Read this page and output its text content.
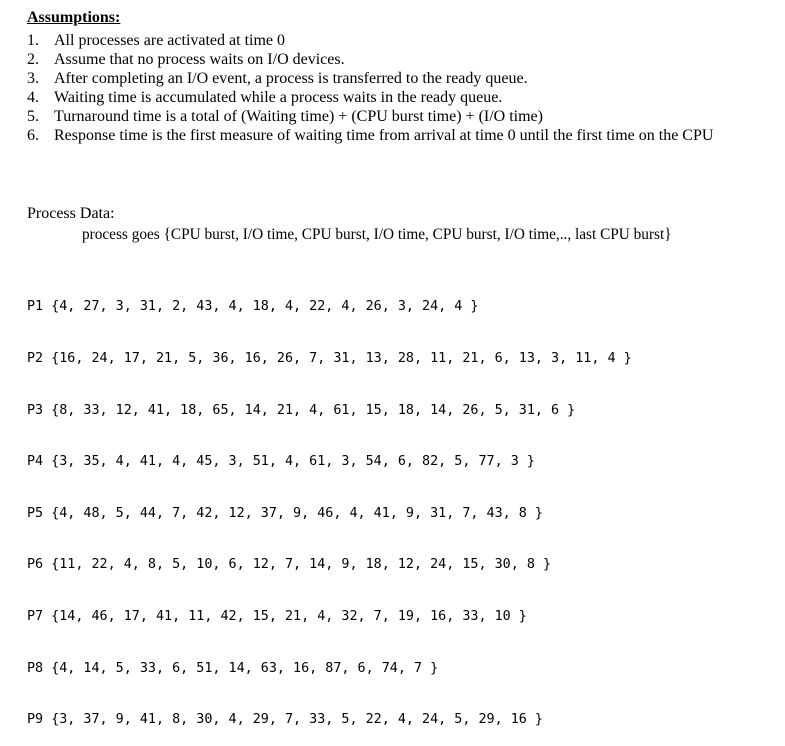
Assumptions:
1. All processes are activated at time 0
2. Assume that no process waits on I/O devices.
3. After completing an I/O event, a process is transferred to the ready queue.
4. Waiting time is accumulated while a process waits in the ready queue.
5. Turnaround time is a total of (Waiting time) + (CPU burst time) + (I/O time)
6. Response time is the first measure of waiting time from arrival at time 0 until the first time on the CPU
Process Data:
process goes {CPU burst, I/O time, CPU burst, I/O time, CPU burst, I/O time,.., last CPU burst}

P1 {4, 27, 3, 31, 2, 43, 4, 18, 4, 22, 4, 26, 3, 24, 4 }

P2 {16, 24, 17, 21, 5, 36, 16, 26, 7, 31, 13, 28, 11, 21, 6, 13, 3, 11, 4 }

P3 {8, 33, 12, 41, 18, 65, 14, 21, 4, 61, 15, 18, 14, 26, 5, 31, 6 }

P4 {3, 35, 4, 41, 4, 45, 3, 51, 4, 61, 3, 54, 6, 82, 5, 77, 3 }

P5 {4, 48, 5, 44, 7, 42, 12, 37, 9, 46, 4, 41, 9, 31, 7, 43, 8 }

P6 {11, 22, 4, 8, 5, 10, 6, 12, 7, 14, 9, 18, 12, 24, 15, 30, 8 }

P7 {14, 46, 17, 41, 11, 42, 15, 21, 4, 32, 7, 19, 16, 33, 10 }

P8 {4, 14, 5, 33, 6, 51, 14, 63, 16, 87, 6, 74, 7 }

P9 {3, 37, 9, 41, 8, 30, 4, 29, 7, 33, 5, 22, 4, 24, 5, 29, 16 }
